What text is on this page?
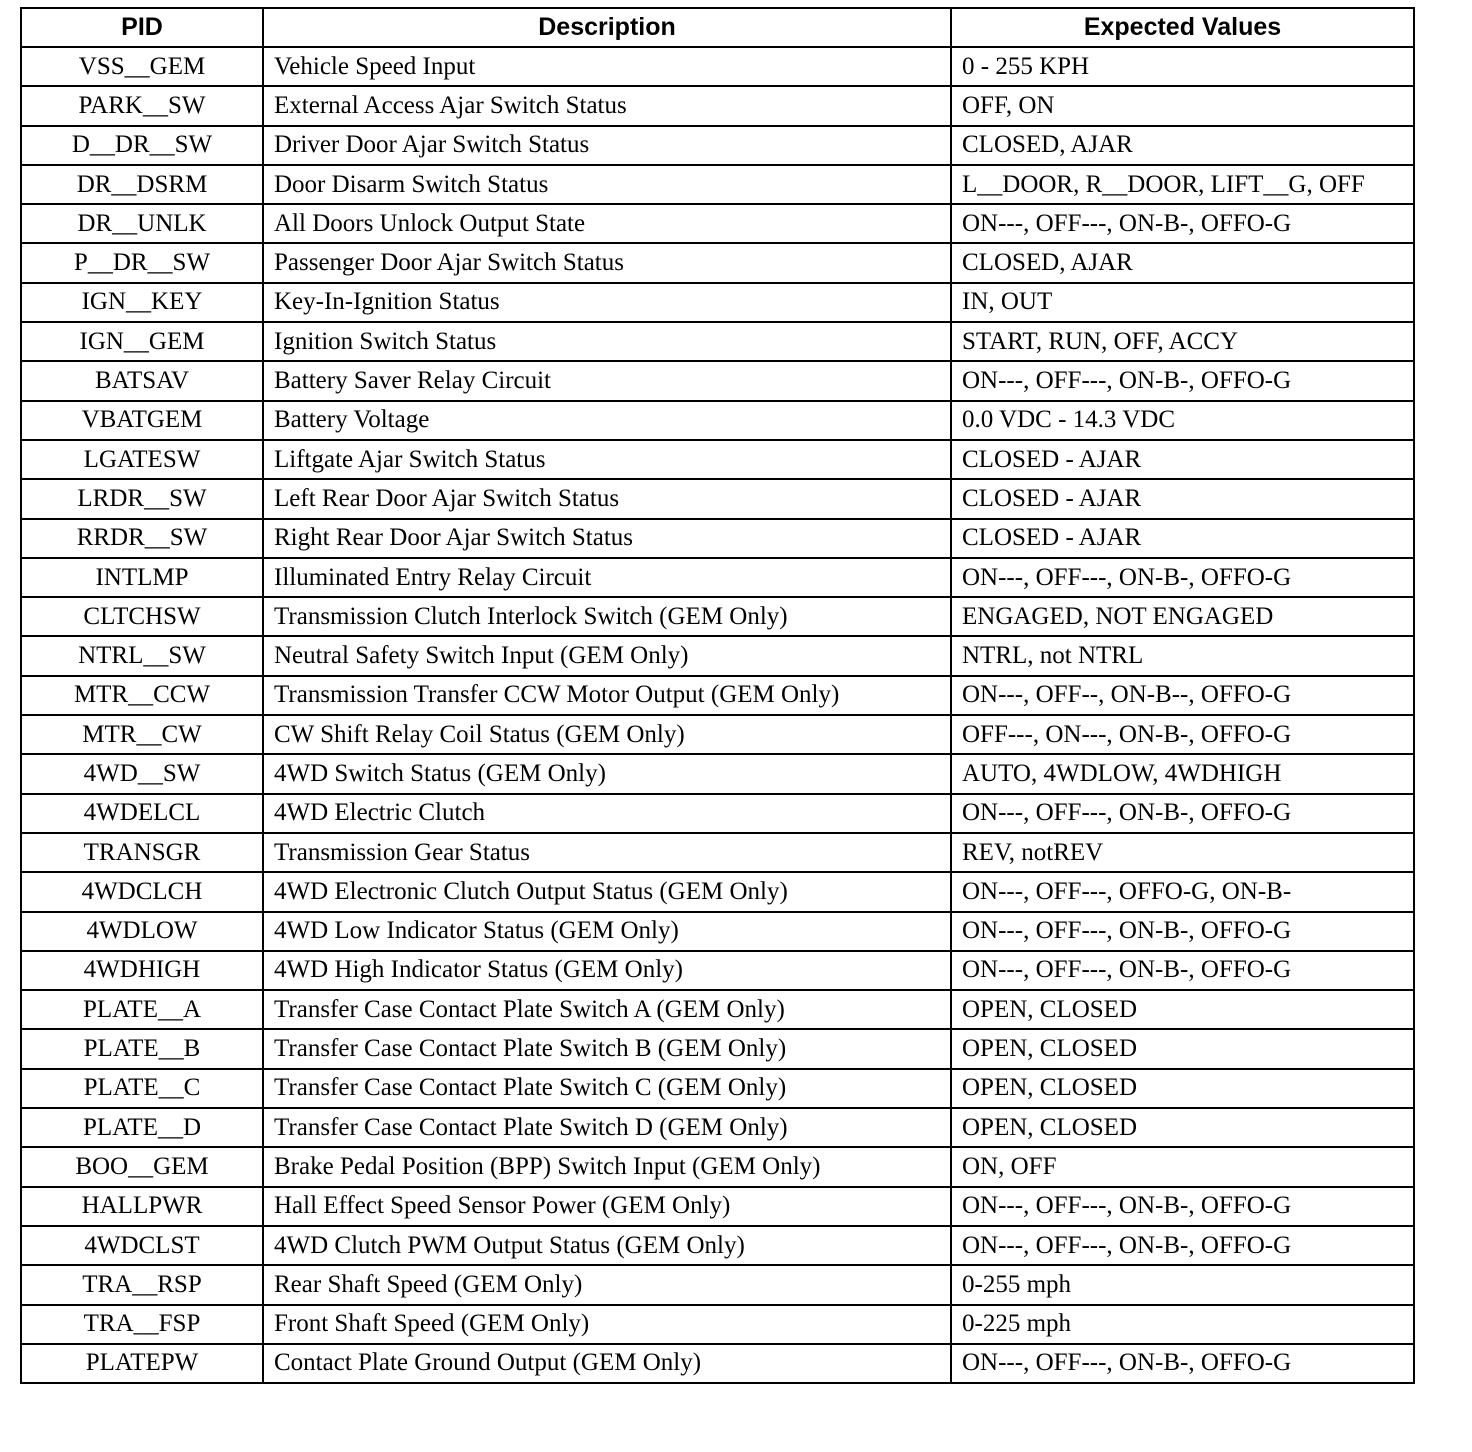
PID	Description	Expected Values
VSS__GEM	Vehicle Speed Input	0 - 255 KPH
PARK__SW	External Access Ajar Switch Status	OFF, ON
D__DR__SW	Driver Door Ajar Switch Status	CLOSED, AJAR
DR__DSRM	Door Disarm Switch Status	L__DOOR, R__DOOR, LIFT__G, OFF
DR__UNLK	All Doors Unlock Output State	ON---, OFF---, ON-B-, OFFO-G
P__DR__SW	Passenger Door Ajar Switch Status	CLOSED, AJAR
IGN__KEY	Key-In-Ignition Status	IN, OUT
IGN__GEM	Ignition Switch Status	START, RUN, OFF, ACCY
BATSAV	Battery Saver Relay Circuit	ON---, OFF---, ON-B-, OFFO-G
VBATGEM	Battery Voltage	0.0 VDC - 14.3 VDC
LGATESW	Liftgate Ajar Switch Status	CLOSED - AJAR
LRDR__SW	Left Rear Door Ajar Switch Status	CLOSED - AJAR
RRDR__SW	Right Rear Door Ajar Switch Status	CLOSED - AJAR
INTLMP	Illuminated Entry Relay Circuit	ON---, OFF---, ON-B-, OFFO-G
CLTCHSW	Transmission Clutch Interlock Switch (GEM Only)	ENGAGED, NOT ENGAGED
NTRL__SW	Neutral Safety Switch Input (GEM Only)	NTRL, not NTRL
MTR__CCW	Transmission Transfer CCW Motor Output (GEM Only)	ON---, OFF--, ON-B--, OFFO-G
MTR__CW	CW Shift Relay Coil Status (GEM Only)	OFF---, ON---, ON-B-, OFFO-G
4WD__SW	4WD Switch Status (GEM Only)	AUTO, 4WDLOW, 4WDHIGH
4WDELCL	4WD Electric Clutch	ON---, OFF---, ON-B-, OFFO-G
TRANSGR	Transmission Gear Status	REV, notREV
4WDCLCH	4WD Electronic Clutch Output Status (GEM Only)	ON---, OFF---, OFFO-G, ON-B-
4WDLOW	4WD Low Indicator Status (GEM Only)	ON---, OFF---, ON-B-, OFFO-G
4WDHIGH	4WD High Indicator Status (GEM Only)	ON---, OFF---, ON-B-, OFFO-G
PLATE__A	Transfer Case Contact Plate Switch A (GEM Only)	OPEN, CLOSED
PLATE__B	Transfer Case Contact Plate Switch B (GEM Only)	OPEN, CLOSED
PLATE__C	Transfer Case Contact Plate Switch C (GEM Only)	OPEN, CLOSED
PLATE__D	Transfer Case Contact Plate Switch D (GEM Only)	OPEN, CLOSED
BOO__GEM	Brake Pedal Position (BPP) Switch Input (GEM Only)	ON, OFF
HALLPWR	Hall Effect Speed Sensor Power (GEM Only)	ON---, OFF---, ON-B-, OFFO-G
4WDCLST	4WD Clutch PWM Output Status (GEM Only)	ON---, OFF---, ON-B-, OFFO-G
TRA__RSP	Rear Shaft Speed (GEM Only)	0-255 mph
TRA__FSP	Front Shaft Speed (GEM Only)	0-225 mph
PLATEPW	Contact Plate Ground Output (GEM Only)	ON---, OFF---, ON-B-, OFFO-G
